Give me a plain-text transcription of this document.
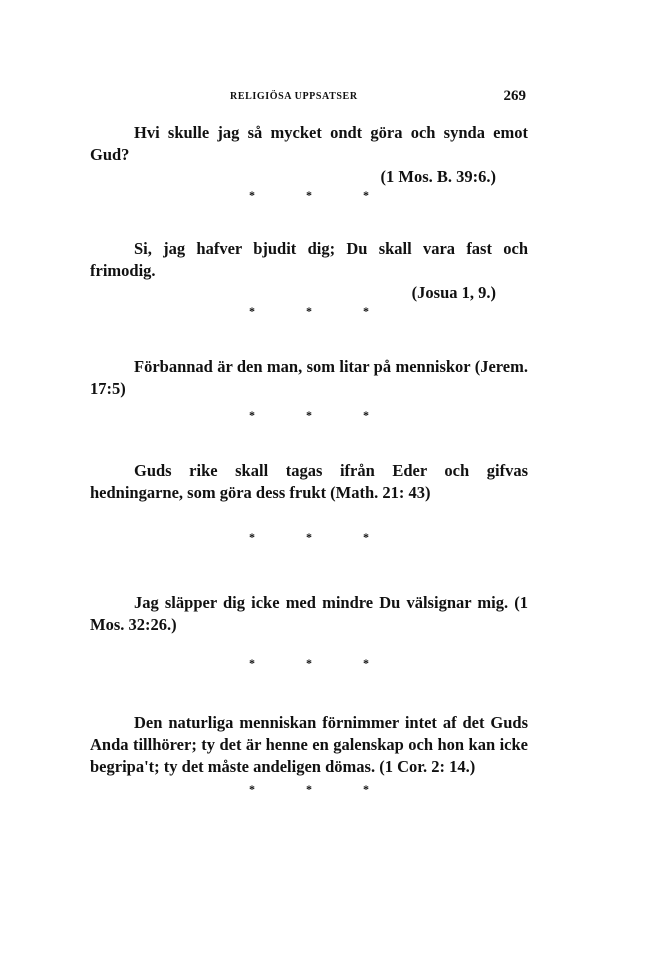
RELIGIÖSA UPPSATSER	269

Hvi skulle jag så mycket ondt göra och synda emot Gud?

(1 Mos. B. 39:6.)

* * *

Si, jag hafver bjudit dig; Du skall vara fast och frimodig.

(Josua 1, 9.)

* * *

Förbannad är den man, som litar på menniskor (Jerem. 17:5)

* * *

Guds rike skall tagas ifrån Eder och gifvas hedningarne, som göra dess frukt (Math. 21: 43)

* * *

Jag släpper dig icke med mindre Du välsignar mig. (1 Mos. 32:26.)

* * *

Den naturliga menniskan förnimmer intet af det Guds Anda tillhörer; ty det är henne en galenskap och hon kan icke begripa't; ty det måste andeligen dömas. (1 Cor. 2: 14.)

* * *
